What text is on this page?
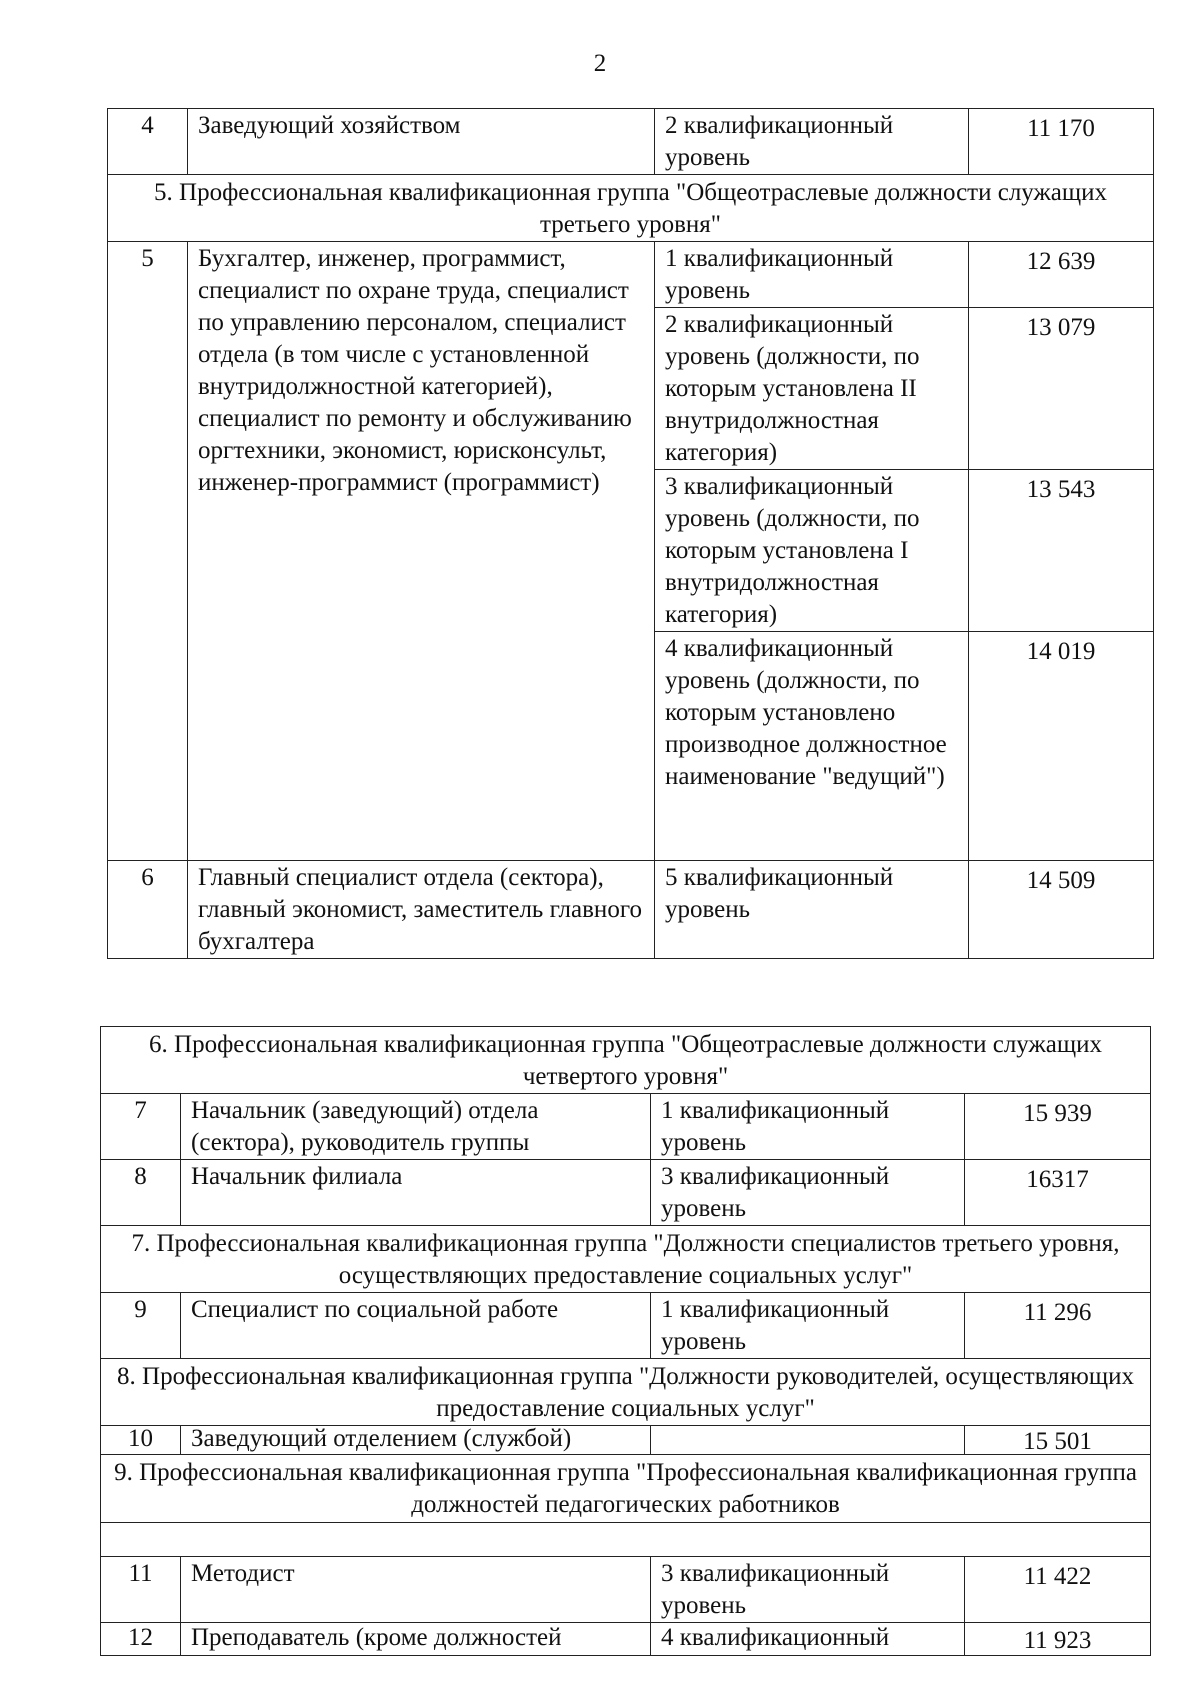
2
4	Заведующий хозяйством	2 квалификационный уровень	11 170
5. Профессиональная квалификационная группа "Общеотраслевые должности служащих третьего уровня"			
5	Бухгалтер, инженер, программист, специалист по охране труда, специалист по управлению персоналом, специалист отдела (в том числе с установленной внутридолжностной категорией), специалист по ремонту и обслуживанию оргтехники, экономист, юрисконсульт, инженер-программист (программист)	1 квалификационный уровень	12 639
		2 квалификационный уровень (должности, по которым установлена II внутридолжностная категория)	13 079
		3 квалификационный уровень (должности, по которым установлена I внутридолжностная категория)	13 543
		4 квалификационный уровень (должности, по которым установлено производное должностное наименование "ведущий")	14 019
6	Главный специалист отдела (сектора), главный экономист, заместитель главного бухгалтера	5 квалификационный уровень	14 509
6. Профессиональная квалификационная группа "Общеотраслевые должности служащих четвертого уровня"			
7	Начальник (заведующий) отдела (сектора), руководитель группы	1 квалификационный уровень	15 939
8	Начальник филиала	3 квалификационный уровень	16317
7. Профессиональная квалификационная группа "Должности специалистов третьего уровня, осуществляющих предоставление социальных услуг"			
9	Специалист по социальной работе	1 квалификационный уровень	11 296
8. Профессиональная квалификационная группа "Должности руководителей, осуществляющих предоставление социальных услуг"			
10	Заведующий отделением (службой)		15 501
9. Профессиональная квалификационная группа "Профессиональная квалификационная группа должностей педагогических работников			

11	Методист	3 квалификационный уровень	11 422
12	Преподаватель (кроме должностей	4 квалификационный	11 923
